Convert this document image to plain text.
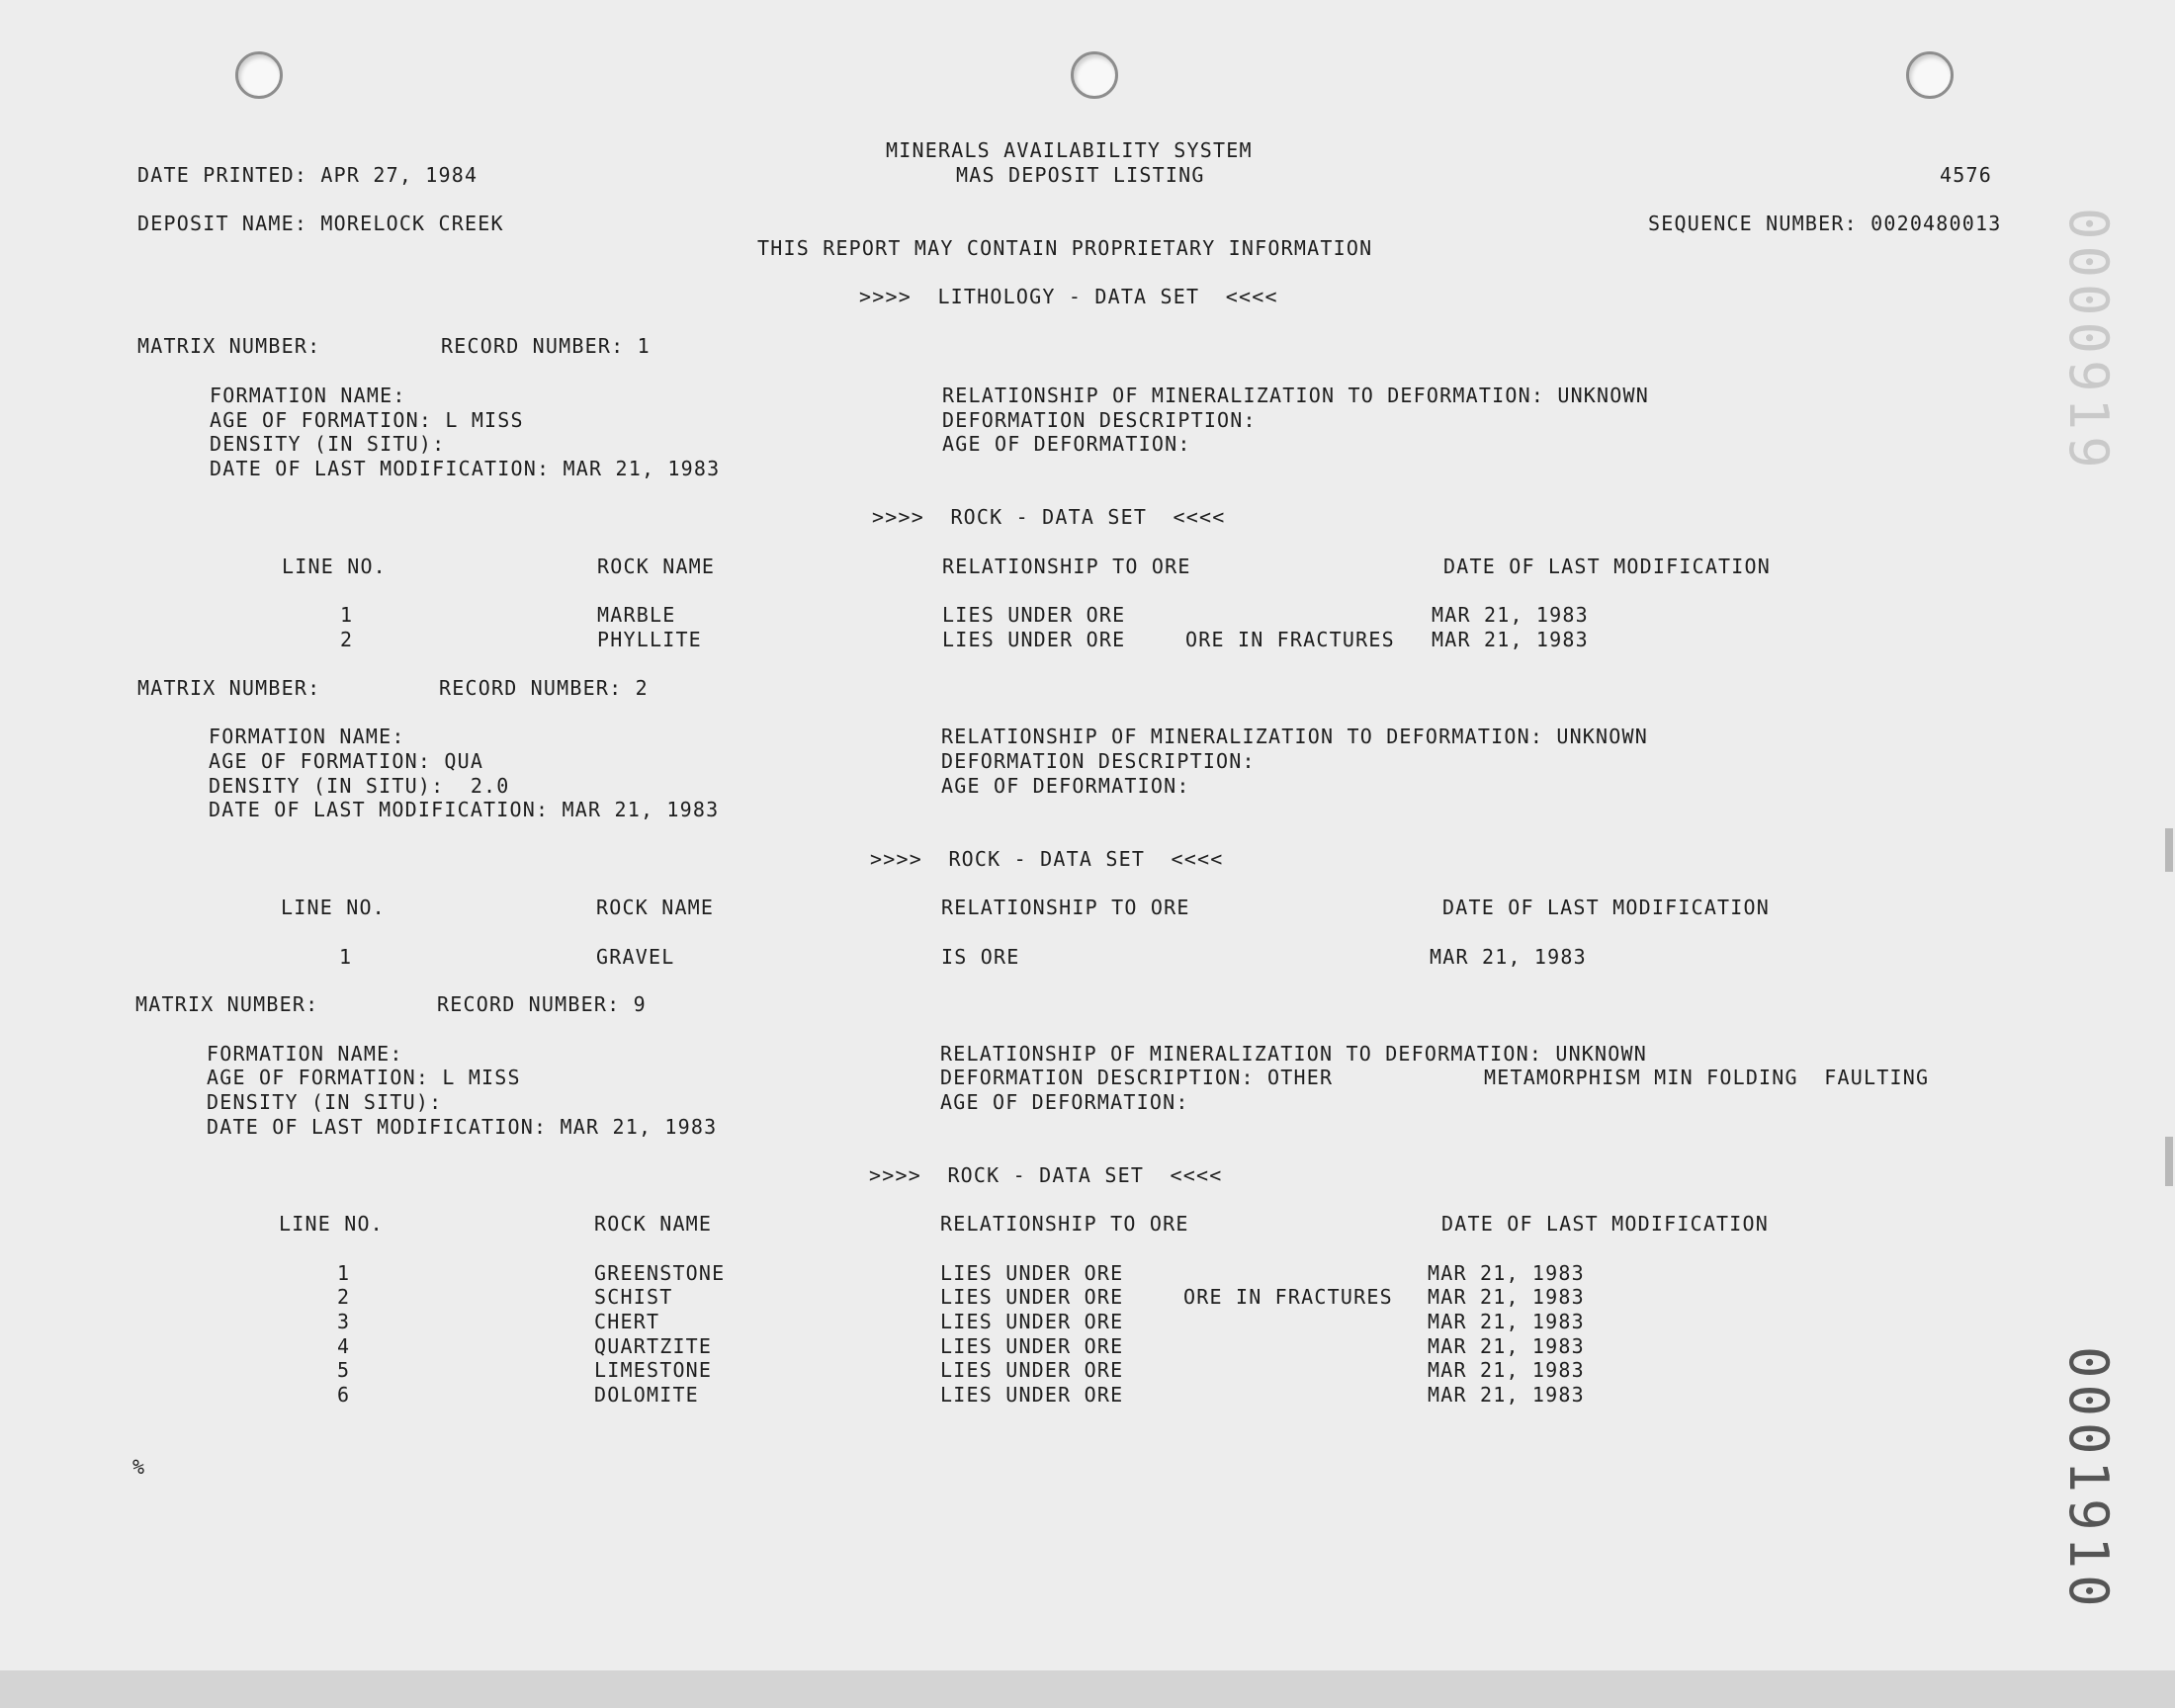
MINERALS AVAILABILITY SYSTEM
DATE PRINTED: APR 27, 1984	MAS DEPOSIT LISTING	4576
DEPOSIT NAME: MORELOCK CREEK	SEQUENCE NUMBER: 0020480013
THIS REPORT MAY CONTAIN PROPRIETARY INFORMATION
>>>>  LITHOLOGY - DATA SET  <<<<
MATRIX NUMBER:	RECORD NUMBER: 1
FORMATION NAME:
AGE OF FORMATION: L MISS
DENSITY (IN SITU):
DATE OF LAST MODIFICATION: MAR 21, 1983
RELATIONSHIP OF MINERALIZATION TO DEFORMATION: UNKNOWN
DEFORMATION DESCRIPTION:
AGE OF DEFORMATION:
>>>>  ROCK - DATA SET  <<<<
LINE NO.	ROCK NAME	RELATIONSHIP TO ORE	DATE OF LAST MODIFICATION
1	MARBLE	LIES UNDER ORE	MAR 21, 1983
2	PHYLLITE	LIES UNDER ORE	ORE IN FRACTURES MAR 21, 1983
MATRIX NUMBER:	RECORD NUMBER: 2
FORMATION NAME:
AGE OF FORMATION: QUA
DENSITY (IN SITU):  2.0
DATE OF LAST MODIFICATION: MAR 21, 1983
RELATIONSHIP OF MINERALIZATION TO DEFORMATION: UNKNOWN
DEFORMATION DESCRIPTION:
AGE OF DEFORMATION:
>>>>  ROCK - DATA SET  <<<<
LINE NO.	ROCK NAME	RELATIONSHIP TO ORE	DATE OF LAST MODIFICATION
1	GRAVEL	IS ORE	MAR 21, 1983
MATRIX NUMBER:	RECORD NUMBER: 9
FORMATION NAME:
AGE OF FORMATION: L MISS
DENSITY (IN SITU):
DATE OF LAST MODIFICATION: MAR 21, 1983
RELATIONSHIP OF MINERALIZATION TO DEFORMATION: UNKNOWN
DEFORMATION DESCRIPTION: OTHER	METAMORPHISM MIN FOLDING  FAULTING
AGE OF DEFORMATION:
>>>>  ROCK - DATA SET  <<<<
LINE NO.	ROCK NAME	RELATIONSHIP TO ORE	DATE OF LAST MODIFICATION
1	GREENSTONE	LIES UNDER ORE	MAR 21, 1983
2	SCHIST	LIES UNDER ORE	ORE IN FRACTURES MAR 21, 1983
3	CHERT	LIES UNDER ORE	MAR 21, 1983
4	QUARTZITE	LIES UNDER ORE	MAR 21, 1983
5	LIMESTONE	LIES UNDER ORE	MAR 21, 1983
6	DOLOMITE	LIES UNDER ORE	MAR 21, 1983
%
0000919
0001910
